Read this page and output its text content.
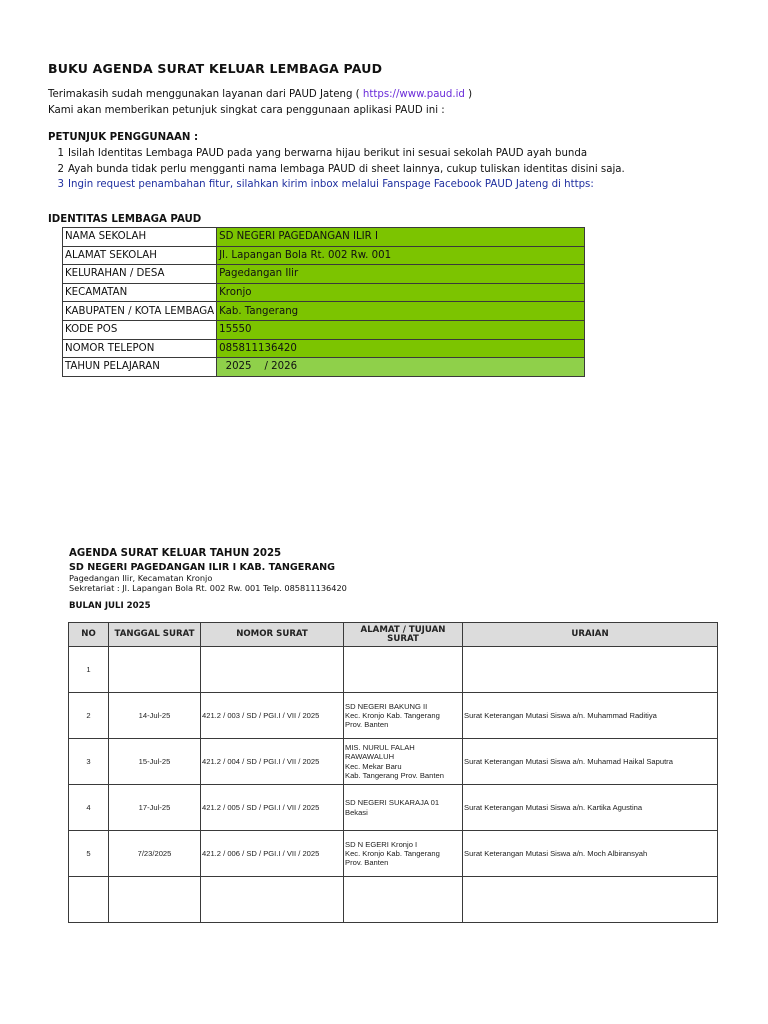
BUKU AGENDA SURAT KELUAR LEMBAGA PAUD
Terimakasih sudah menggunakan layanan dari PAUD Jateng ( https://www.paud.id )
Kami akan memberikan petunjuk singkat cara penggunaan aplikasi PAUD ini :
PETUNJUK PENGGUNAAN :
1 Isilah Identitas Lembaga PAUD pada yang berwarna hijau berikut ini sesuai sekolah PAUD ayah bunda
2 Ayah bunda tidak perlu mengganti nama lembaga PAUD di sheet lainnya, cukup tuliskan identitas disini saja.
3 Ingin request penambahan fitur, silahkan kirim inbox melalui Fanspage Facebook PAUD Jateng di https:
IDENTITAS LEMBAGA PAUD
NAMA SEKOLAH	SD NEGERI PAGEDANGAN ILIR I
ALAMAT SEKOLAH	Jl. Lapangan Bola Rt. 002 Rw. 001
KELURAHAN / DESA	Pagedangan Ilir
KECAMATAN	Kronjo
KABUPATEN / KOTA LEMBAGA	Kab. Tangerang
KODE POS	15550
NOMOR TELEPON	085811136420
TAHUN PELAJARAN	2025    / 2026
AGENDA SURAT KELUAR TAHUN 2025
SD NEGERI PAGEDANGAN ILIR I KAB. TANGERANG
Pagedangan Ilir, Kecamatan Kronjo
Sekretariat : Jl. Lapangan Bola Rt. 002 Rw. 001 Telp. 085811136420
BULAN JULI 2025
NO	TANGGAL SURAT	NOMOR SURAT	ALAMAT / TUJUAN SURAT	URAIAN
1				
2	14-Jul-25	421.2 / 003 / SD / PGI.I / VII / 2025	SD NEGERI BAKUNG II
Kec. Kronjo Kab. Tangerang
Prov. Banten	Surat Keterangan Mutasi Siswa a/n. Muhammad Raditiya
3	15-Jul-25	421.2 / 004 / SD / PGI.I / VII / 2025	MIS. NURUL FALAH
RAWAWALUH
Kec. Mekar Baru
Kab. Tangerang Prov. Banten	Surat Keterangan Mutasi Siswa a/n. Muhamad Haikal Saputra
4	17-Jul-25	421.2 / 005 / SD / PGI.I / VII / 2025	SD NEGERI SUKARAJA 01
Bekasi	Surat Keterangan Mutasi Siswa a/n. Kartika Agustina
5	7/23/2025	421.2 / 006 / SD / PGI.I / VII / 2025	SD N EGERI Kronjo I
Kec. Kronjo Kab. Tangerang
Prov. Banten	Surat Keterangan Mutasi Siswa a/n. Moch Albiransyah
